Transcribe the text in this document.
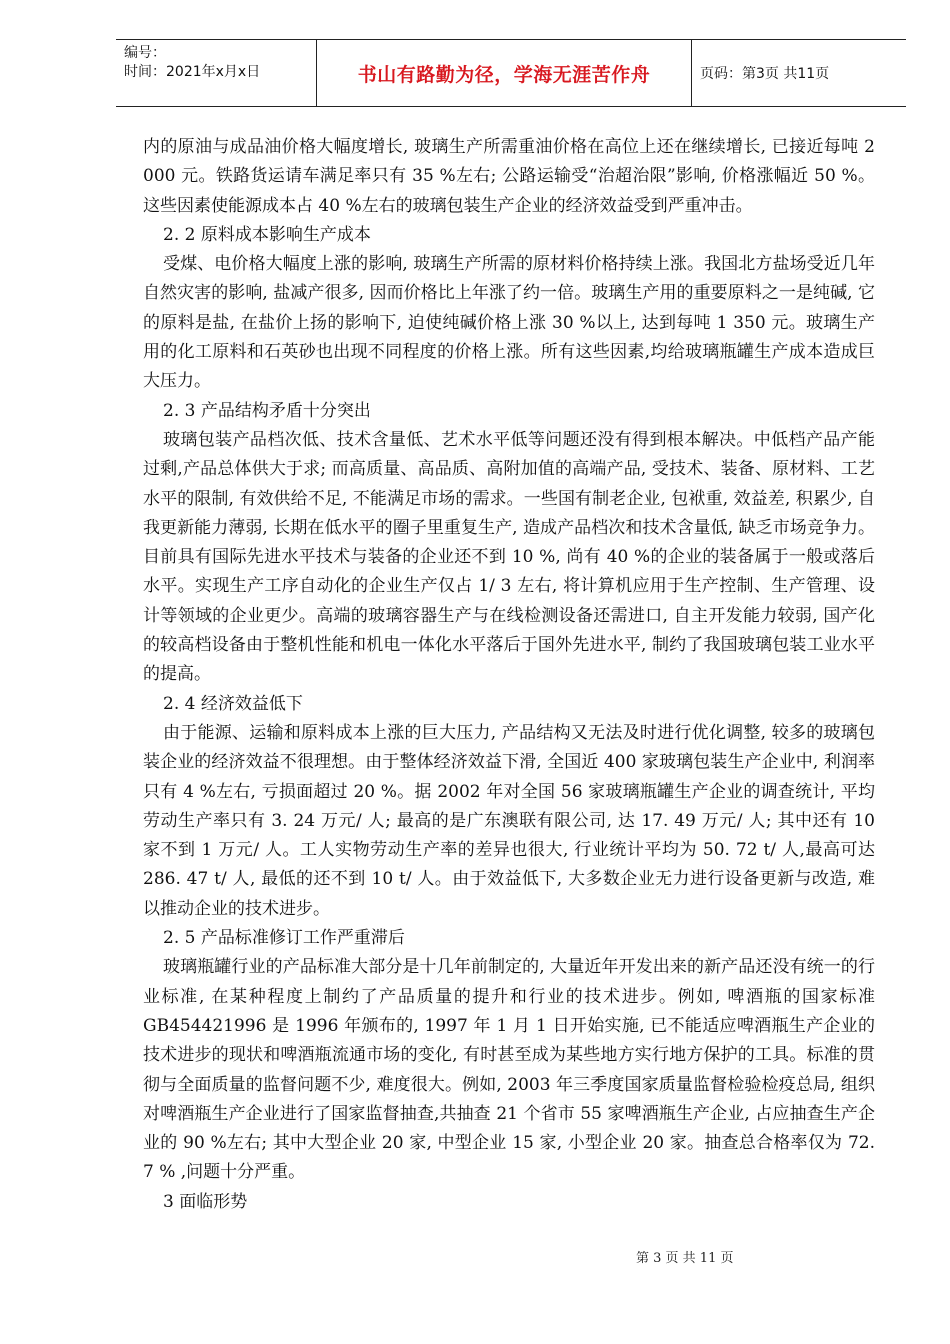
编号：
时间：2021年x月x日	书山有路勤为径，学海无涯苦作舟	页码：第3页 共11页

内的原油与成品油价格大幅度增长, 玻璃生产所需重油价格在高位上还在继续增长, 已接近每吨 2 000 元。铁路货运请车满足率只有 35 %左右; 公路运输受“治超治限”影响, 价格涨幅近 50 %。这些因素使能源成本占 40 %左右的玻璃包装生产企业的经济效益受到严重冲击。

2. 2 原料成本影响生产成本

受煤、电价格大幅度上涨的影响, 玻璃生产所需的原材料价格持续上涨。我国北方盐场受近几年自然灾害的影响, 盐减产很多, 因而价格比上年涨了约一倍。玻璃生产用的重要原料之一是纯碱, 它的原料是盐, 在盐价上扬的影响下, 迫使纯碱价格上涨 30 %以上, 达到每吨 1 350 元。玻璃生产用的化工原料和石英砂也出现不同程度的价格上涨。所有这些因素,均给玻璃瓶罐生产成本造成巨大压力。

2. 3 产品结构矛盾十分突出

玻璃包装产品档次低、技术含量低、艺术水平低等问题还没有得到根本解决。中低档产品产能过剩,产品总体供大于求; 而高质量、高品质、高附加值的高端产品, 受技术、装备、原材料、工艺水平的限制, 有效供给不足, 不能满足市场的需求。一些国有制老企业, 包袱重, 效益差, 积累少, 自我更新能力薄弱, 长期在低水平的圈子里重复生产, 造成产品档次和技术含量低, 缺乏市场竞争力。目前具有国际先进水平技术与装备的企业还不到 10 %, 尚有 40 %的企业的装备属于一般或落后水平。实现生产工序自动化的企业生产仅占 1/ 3 左右, 将计算机应用于生产控制、生产管理、设计等领域的企业更少。高端的玻璃容器生产与在线检测设备还需进口, 自主开发能力较弱, 国产化的较高档设备由于整机性能和机电一体化水平落后于国外先进水平, 制约了我国玻璃包装工业水平的提高。

2. 4 经济效益低下

由于能源、运输和原料成本上涨的巨大压力, 产品结构又无法及时进行优化调整, 较多的玻璃包装企业的经济效益不很理想。由于整体经济效益下滑, 全国近 400 家玻璃包装生产企业中, 利润率只有 4 %左右, 亏损面超过 20 %。据 2002 年对全国 56 家玻璃瓶罐生产企业的调查统计, 平均劳动生产率只有 3. 24 万元/ 人; 最高的是广东澳联有限公司, 达 17. 49 万元/ 人; 其中还有 10 家不到 1 万元/ 人。工人实物劳动生产率的差异也很大, 行业统计平均为 50. 72 t/ 人,最高可达 286. 47 t/ 人, 最低的还不到 10 t/ 人。由于效益低下, 大多数企业无力进行设备更新与改造, 难以推动企业的技术进步。

2. 5 产品标准修订工作严重滞后

玻璃瓶罐行业的产品标准大部分是十几年前制定的, 大量近年开发出来的新产品还没有统一的行业标准, 在某种程度上制约了产品质量的提升和行业的技术进步。例如, 啤酒瓶的国家标准 GB454421996 是 1996 年颁布的, 1997 年 1 月 1 日开始实施, 已不能适应啤酒瓶生产企业的技术进步的现状和啤酒瓶流通市场的变化, 有时甚至成为某些地方实行地方保护的工具。标准的贯彻与全面质量的监督问题不少, 难度很大。例如, 2003 年三季度国家质量监督检验检疫总局, 组织对啤酒瓶生产企业进行了国家监督抽查,共抽查 21 个省市 55 家啤酒瓶生产企业, 占应抽查生产企业的 90 %左右; 其中大型企业 20 家, 中型企业 15 家, 小型企业 20 家。抽查总合格率仅为 72. 7 % ,问题十分严重。

3 面临形势

第 3 页 共 11 页
